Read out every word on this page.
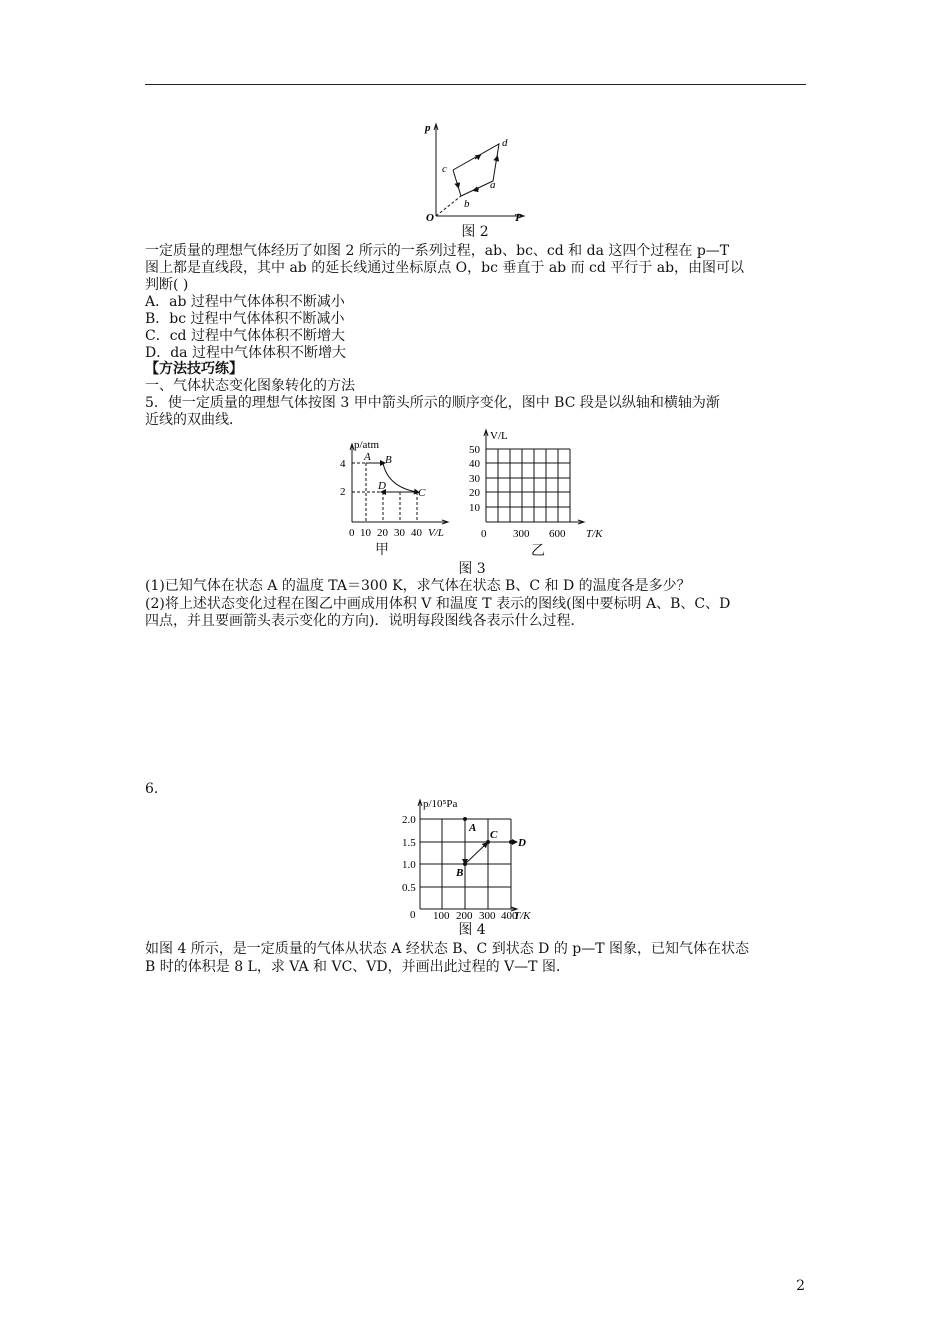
p
T
O
c
d
a
b
图 2
一定质量的理想气体经历了如图 2 所示的一系列过程，ab、bc、cd 和 da 这四个过程在 p—T
图上都是直线段，其中 ab 的延长线通过坐标原点 O，bc 垂直于 ab 而 cd 平行于 ab，由图可以
判断( )
A．ab 过程中气体体积不断减小
B．bc 过程中气体体积不断减小
C．cd 过程中气体体积不断增大
D．da 过程中气体体积不断增大
【方法技巧练】
一、气体状态变化图象转化的方法
5．使一定质量的理想气体按图 3 甲中箭头所示的顺序变化，图中 BC 段是以纵轴和横轴为渐
近线的双曲线．
p/atm
V/L
4
2
0 10 20 30 40
A B
D
C
甲
V/L
T/K
50
40
30
20
10
0 300 600
乙
图 3
(1)已知气体在状态 A 的温度 TA＝300 K，求气体在状态 B、C 和 D 的温度各是多少？
(2)将上述状态变化过程在图乙中画成用体积 V 和温度 T 表示的图线(图中要标明 A、B、C、D
四点，并且要画箭头表示变化的方向)．说明每段图线各表示什么过程．
6.
p/10⁵Pa
T/K
2.0
1.5
1.0
0.5
0 100 200 300 400
A
B
C
D
图 4
如图 4 所示，是一定质量的气体从状态 A 经状态 B、C 到状态 D 的 p—T 图象，已知气体在状态
B 时的体积是 8 L，求 VA 和 VC、VD，并画出此过程的 V—T 图．
2
